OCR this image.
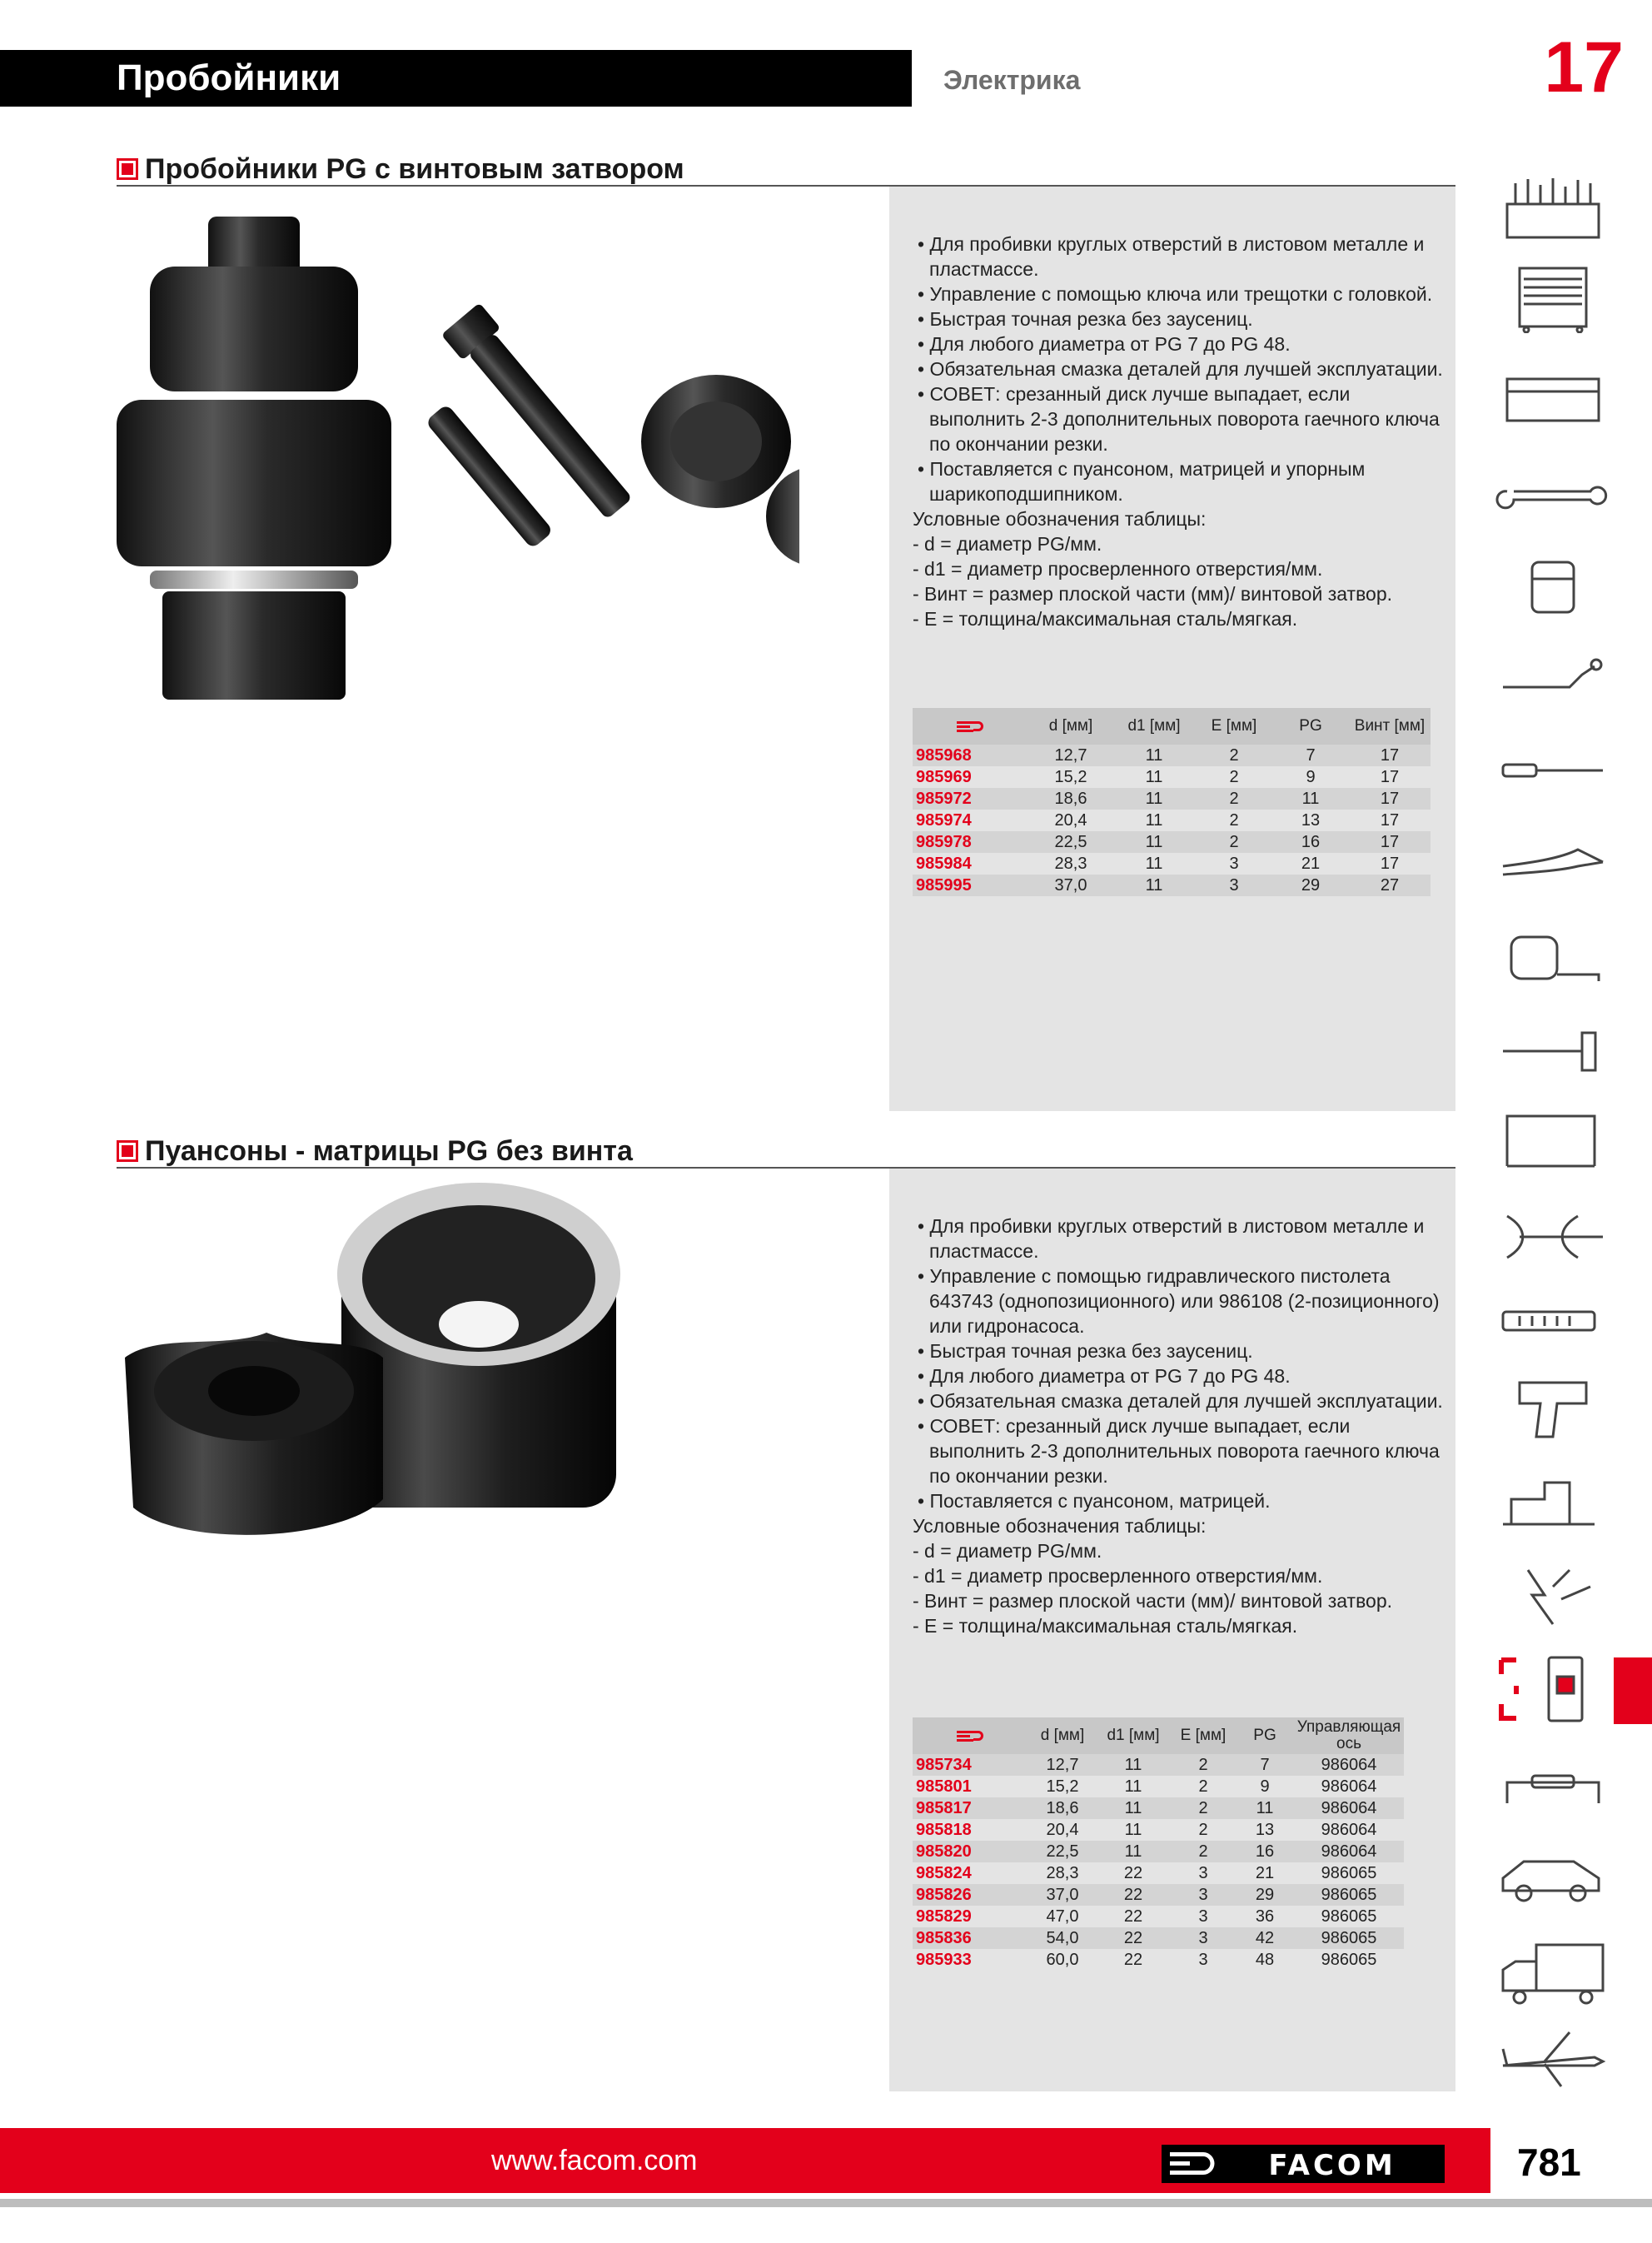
Пробойники	Электрика	17
Пробойники PG с винтовым затвором
• Для пробивки круглых отверстий в листовом металле и пластмассе.
• Управление с помощью ключа или трещотки с головкой.
• Быстрая точная резка без заусениц.
• Для любого диаметра от PG 7 до PG 48.
• Обязательная смазка деталей для лучшей эксплуатации.
• СОВЕТ: срезанный диск лучше выпадает, если выполнить 2-3 дополнительных поворота гаечного ключа по окончании резки.
• Поставляется с пуансоном, матрицей и упорным шарикоподшипником.
Условные обозначения таблицы:
- d = диаметр PG/мм.
- d1 = диаметр просверленного отверстия/мм.
- Винт = размер плоской части (мм)/ винтовой затвор.
- E = толщина/максимальная сталь/мягкая.
	d [мм]	d1 [мм]	E [мм]	PG	Винт [мм]
985968	12,7	11	2	7	17
985969	15,2	11	2	9	17
985972	18,6	11	2	11	17
985974	20,4	11	2	13	17
985978	22,5	11	2	16	17
985984	28,3	11	3	21	17
985995	37,0	11	3	29	27
Пуансоны - матрицы PG без винта
• Для пробивки круглых отверстий в листовом металле и пластмассе.
• Управление с помощью гидравлического пистолета 643743 (однопозиционного) или 986108 (2-позиционного) или гидронасоса.
• Быстрая точная резка без заусениц.
• Для любого диаметра от PG 7 до PG 48.
• Обязательная смазка деталей для лучшей эксплуатации.
• СОВЕТ: срезанный диск лучше выпадает, если выполнить 2-3 дополнительных поворота гаечного ключа по окончании резки.
• Поставляется с пуансоном, матрицей.
Условные обозначения таблицы:
- d = диаметр PG/мм.
- d1 = диаметр просверленного отверстия/мм.
- Винт = размер плоской части (мм)/ винтовой затвор.
- E = толщина/максимальная сталь/мягкая.
	d [мм]	d1 [мм]	E [мм]	PG	Управляющая ось
985734	12,7	11	2	7	986064
985801	15,2	11	2	9	986064
985817	18,6	11	2	11	986064
985818	20,4	11	2	13	986064
985820	22,5	11	2	16	986064
985824	28,3	22	3	21	986065
985826	37,0	22	3	29	986065
985829	47,0	22	3	36	986065
985836	54,0	22	3	42	986065
985933	60,0	22	3	48	986065
www.facom.com	FACOM	781
